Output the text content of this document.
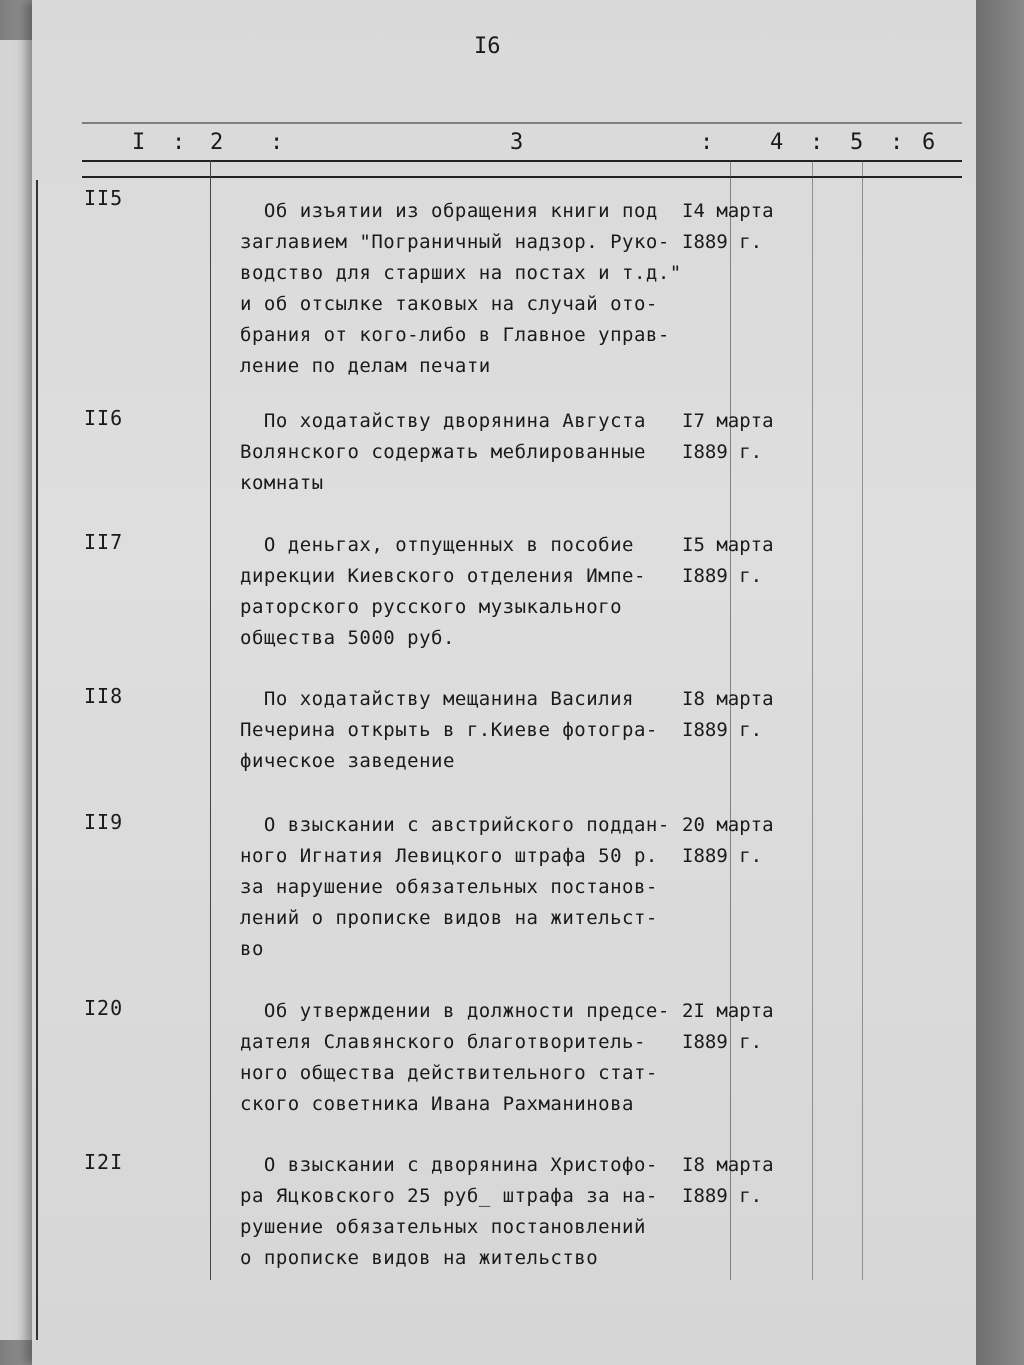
I6
I : 2 :	3	:	4 : 5 : 6
II5
Об изъятии из обращения книги под
заглавием "Пограничный надзор. Руко-
водство для старших на постах и т.д."
и об отсылке таковых на случай ото-
брания от кого-либо в Главное управ-
ление по делам печати
I4 марта
I889 г.
II6	По ходатайству дворянина Августа
Волянского содержать меблированные
комнаты
I7 марта
I889 г.
II7	О деньгах, отпущенных в пособие
дирекции Киевского отделения Импе-
раторского русского музыкального
общества 5000 руб.
I5 марта
I889 г.
II8	По ходатайству мещанина Василия
Печерина открыть в г.Киеве фотогра-
фическое заведение
I8 марта
I889 г.
II9	О взыскании с австрийского поддан-
ного Игнатия Левицкого штрафа 50 р.
за нарушение обязательных постанов-
лений о прописке видов на жительст-
во
20 марта
I889 г.
I20	Об утверждении в должности предсе-
дателя Славянского благотворитель-
ного общества действительного стат-
ского советника Ивана Рахманинова
2I марта
I889 г.
I2I	О взыскании с дворянина Христофо-
ра Яцковского 25 руб_ штрафа за на-
рушение обязательных постановлений
о прописке видов на жительство
I8 марта
I889 г.
